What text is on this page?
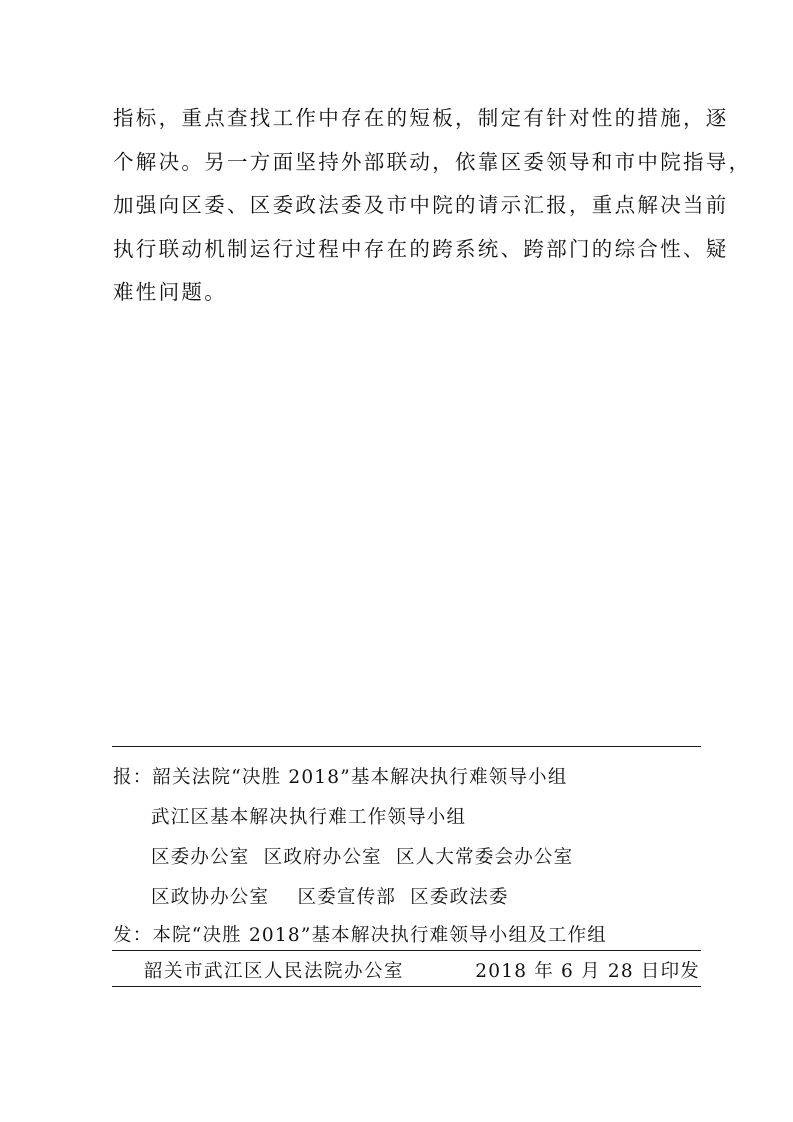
指标，重点查找工作中存在的短板，制定有针对性的措施，逐
个解决。另一方面坚持外部联动，依靠区委领导和市中院指导，
加强向区委、区委政法委及市中院的请示汇报，重点解决当前
执行联动机制运行过程中存在的跨系统、跨部门的综合性、疑
难性问题。
报：韶关法院“决胜 2018”基本解决执行难领导小组
武江区基本解决执行难工作领导小组
区委办公室  区政府办公室  区人大常委会办公室
区政协办公室    区委宣传部  区委政法委
发：本院“决胜 2018”基本解决执行难领导小组及工作组
韶关市武江区人民法院办公室	2018 年 6 月 28 日印发
